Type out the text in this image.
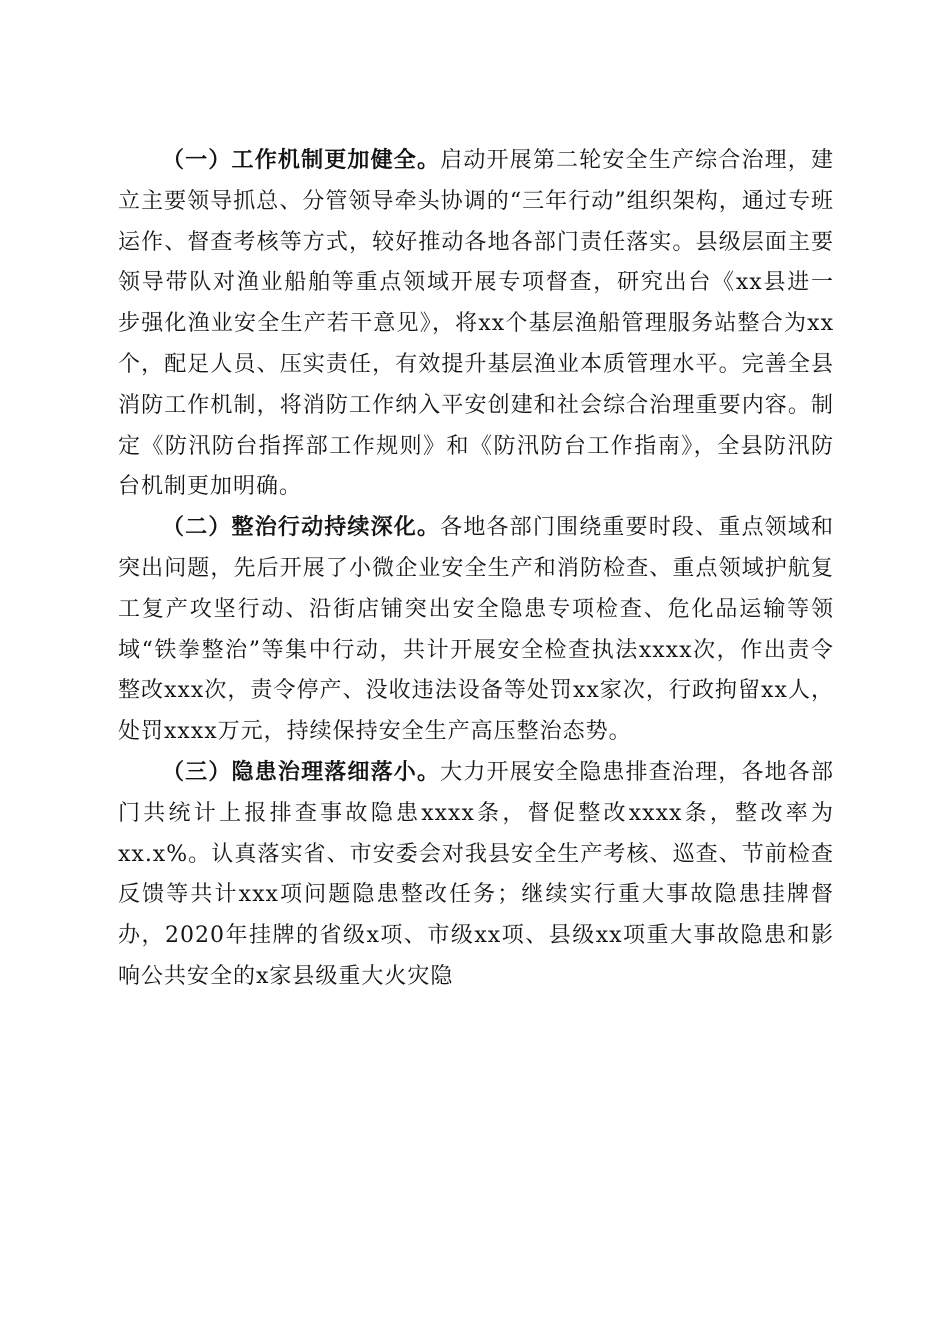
（一）工作机制更加健全。启动开展第二轮安全生产综合治理，建立主要领导抓总、分管领导牵头协调的“三年行动”组织架构，通过专班运作、督查考核等方式，较好推动各地各部门责任落实。县级层面主要领导带队对渔业船舶等重点领域开展专项督查，研究出台《xx县进一步强化渔业安全生产若干意见》，将xx个基层渔船管理服务站整合为xx个，配足人员、压实责任，有效提升基层渔业本质管理水平。完善全县消防工作机制，将消防工作纳入平安创建和社会综合治理重要内容。制定《防汛防台指挥部工作规则》和《防汛防台工作指南》，全县防汛防台机制更加明确。

（二）整治行动持续深化。各地各部门围绕重要时段、重点领域和突出问题，先后开展了小微企业安全生产和消防检查、重点领域护航复工复产攻坚行动、沿街店铺突出安全隐患专项检查、危化品运输等领域“铁拳整治”等集中行动，共计开展安全检查执法xxxx次，作出责令整改xxx次，责令停产、没收违法设备等处罚xx家次，行政拘留xx人，处罚xxxx万元，持续保持安全生产高压整治态势。

（三）隐患治理落细落小。大力开展安全隐患排查治理，各地各部门共统计上报排查事故隐患xxxx条，督促整改xxxx条，整改率为xx.x%。认真落实省、市安委会对我县安全生产考核、巡查、节前检查反馈等共计xxx项问题隐患整改任务；继续实行重大事故隐患挂牌督办，2020年挂牌的省级x项、市级xx项、县级xx项重大事故隐患和影响公共安全的x家县级重大火灾隐
